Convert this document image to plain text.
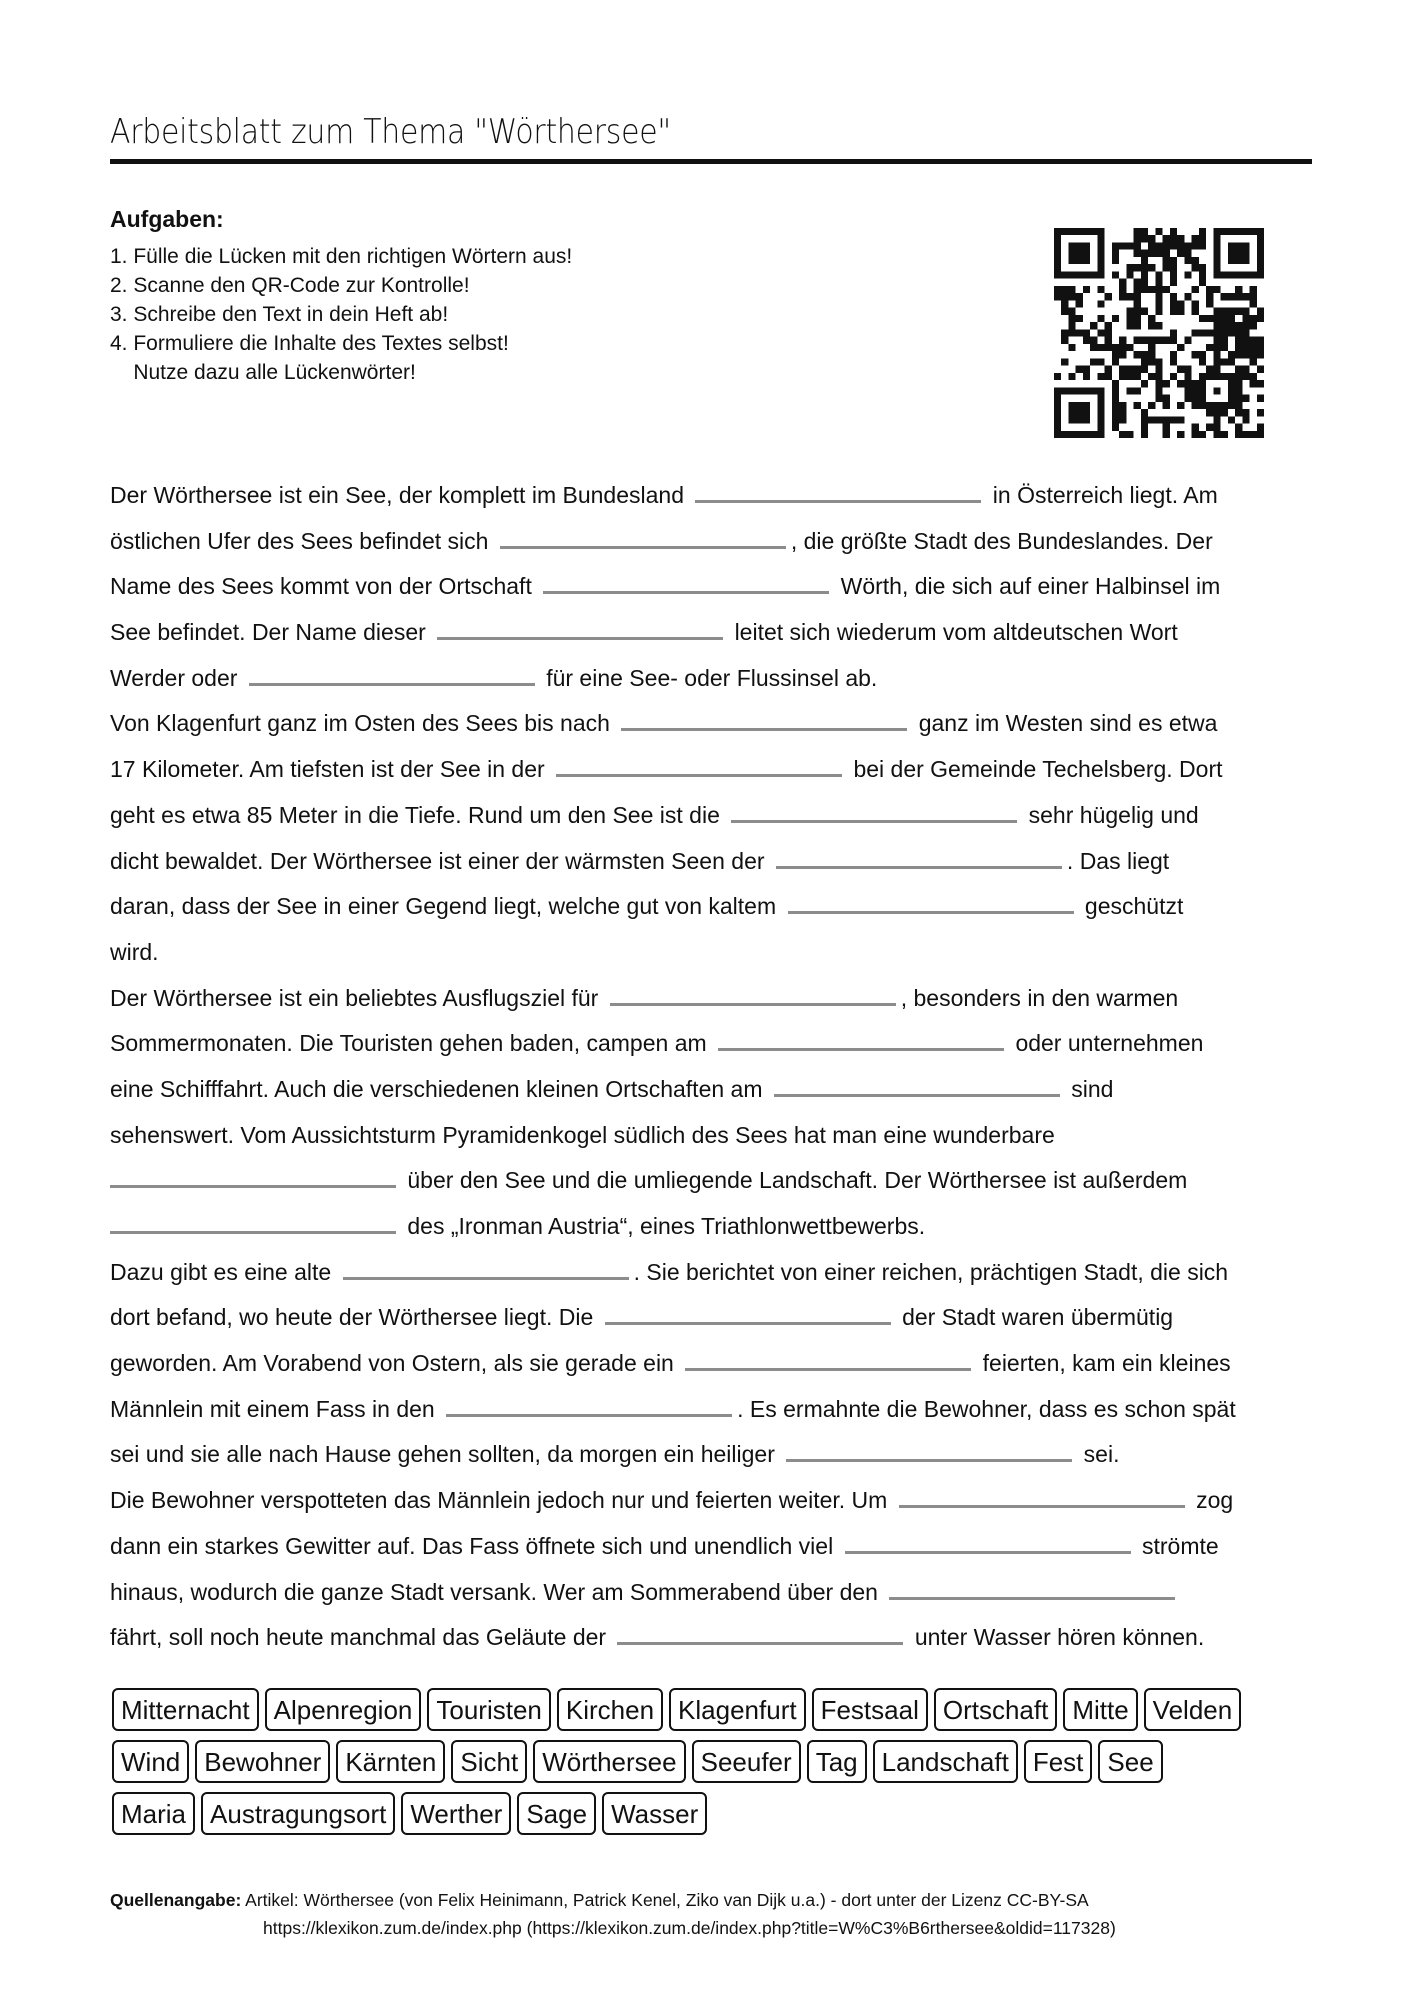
Arbeitsblatt zum Thema "Wörthersee"
Aufgaben:
1. Fülle die Lücken mit den richtigen Wörtern aus!
2. Scanne den QR-Code zur Kontrolle!
3. Schreibe den Text in dein Heft ab!
4. Formuliere die Inhalte des Textes selbst!
Nutze dazu alle Lückenwörter!
Der Wörthersee ist ein See, der komplett im Bundesland	in Österreich liegt. Am
östlichen Ufer des Sees befindet sich	, die größte Stadt des Bundeslandes. Der
Name des Sees kommt von der Ortschaft	Wörth, die sich auf einer Halbinsel im
See befindet. Der Name dieser	leitet sich wiederum vom altdeutschen Wort
Werder oder	für eine See- oder Flussinsel ab.
Von Klagenfurt ganz im Osten des Sees bis nach	ganz im Westen sind es etwa
17 Kilometer. Am tiefsten ist der See in der	bei der Gemeinde Techelsberg. Dort
geht es etwa 85 Meter in die Tiefe. Rund um den See ist die	sehr hügelig und
dicht bewaldet. Der Wörthersee ist einer der wärmsten Seen der	. Das liegt
daran, dass der See in einer Gegend liegt, welche gut von kaltem	geschützt
wird.
Der Wörthersee ist ein beliebtes Ausflugsziel für	, besonders in den warmen
Sommermonaten. Die Touristen gehen baden, campen am	oder unternehmen
eine Schifffahrt. Auch die verschiedenen kleinen Ortschaften am	sind
sehenswert. Vom Aussichtsturm Pyramidenkogel südlich des Sees hat man eine wunderbare
über den See und die umliegende Landschaft. Der Wörthersee ist außerdem
des „Ironman Austria“, eines Triathlonwettbewerbs.
Dazu gibt es eine alte	. Sie berichtet von einer reichen, prächtigen Stadt, die sich
dort befand, wo heute der Wörthersee liegt. Die	der Stadt waren übermütig
geworden. Am Vorabend von Ostern, als sie gerade ein	feierten, kam ein kleines
Männlein mit einem Fass in den	. Es ermahnte die Bewohner, dass es schon spät
sei und sie alle nach Hause gehen sollten, da morgen ein heiliger	sei.
Die Bewohner verspotteten das Männlein jedoch nur und feierten weiter. Um	zog
dann ein starkes Gewitter auf. Das Fass öffnete sich und unendlich viel	strömte
hinaus, wodurch die ganze Stadt versank. Wer am Sommerabend über den
fährt, soll noch heute manchmal das Geläute der	unter Wasser hören können.
Mitternacht Alpenregion Touristen Kirchen Klagenfurt Festsaal Ortschaft Mitte Velden
Wind Bewohner Kärnten Sicht Wörthersee Seeufer Tag Landschaft Fest See
Maria Austragungsort Werther Sage Wasser
Quellenangabe: Artikel: Wörthersee (von Felix Heinimann, Patrick Kenel, Ziko van Dijk u.a.) - dort unter der Lizenz CC-BY-SA
https://klexikon.zum.de/index.php (https://klexikon.zum.de/index.php?title=W%C3%B6rthersee&oldid=117328)
